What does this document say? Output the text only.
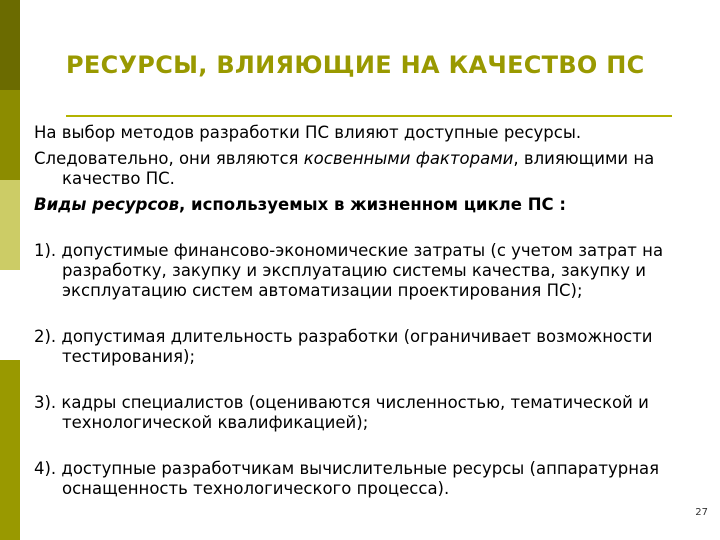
РЕСУРСЫ, ВЛИЯЮЩИЕ НА КАЧЕСТВО ПС

На выбор методов разработки ПС влияют доступные ресурсы.

Следовательно, они являются косвенными факторами, влияющими на качество ПС.

Виды ресурсов, используемых в жизненном цикле ПС :

1). допустимые финансово-экономические затраты (с учетом затрат на разработку, закупку и эксплуатацию системы качества, закупку и эксплуатацию систем автоматизации проектирования ПС);

2). допустимая длительность разработки (ограничивает возможности тестирования);

3). кадры специалистов (оцениваются численностью, тематической и технологической квалификацией);

4). доступные разработчикам вычислительные ресурсы (аппаратурная оснащенность технологического процесса).

27
